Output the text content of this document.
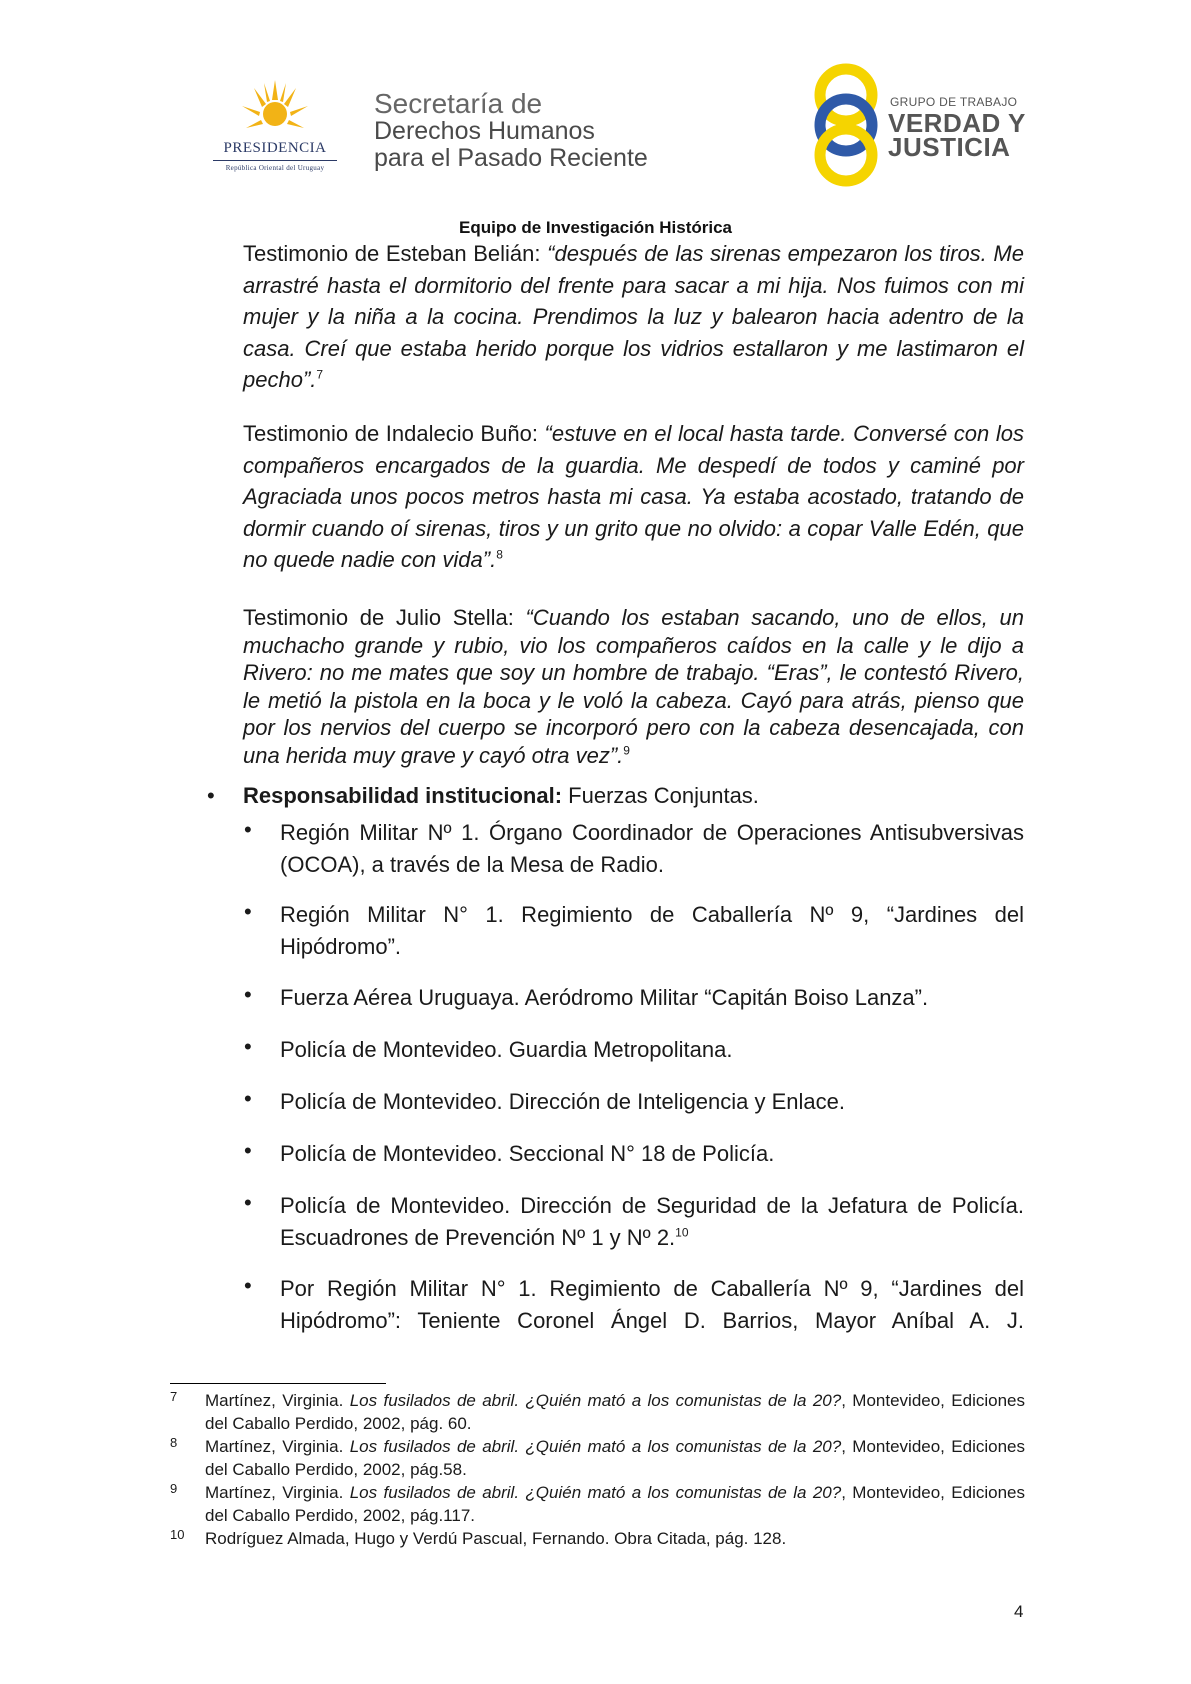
PRESIDENCIA
República Oriental del Uruguay
Secretaría de
Derechos Humanos
para el Pasado Reciente
GRUPO DE TRABAJO
VERDAD Y
JUSTICIA
Equipo de Investigación Histórica

Testimonio de Esteban Belián: “después de las sirenas empezaron los tiros. Me arrastré hasta el dormitorio del frente para sacar a mi hija. Nos fuimos con mi mujer y la niña a la cocina. Prendimos la luz y balearon hacia adentro de la casa. Creí que estaba herido porque los vidrios estallaron y me lastimaron el pecho”.$^7$

Testimonio de Indalecio Buño: “estuve en el local hasta tarde. Conversé con los compañeros encargados de la guardia. Me despedí de todos y caminé por Agraciada unos pocos metros hasta mi casa. Ya estaba acostado, tratando de dormir cuando oí sirenas, tiros y un grito que no olvido: a copar Valle Edén, que no quede nadie con vida”.$^8$

Testimonio de Julio Stella: “Cuando los estaban sacando, uno de ellos, un muchacho grande y rubio, vio los compañeros caídos en la calle y le dijo a Rivero: no me mates que soy un hombre de trabajo. “Eras”, le contestó Rivero, le metió la pistola en la boca y le voló la cabeza. Cayó para atrás, pienso que por los nervios del cuerpo se incorporó pero con la cabeza desencajada, con una herida muy grave y cayó otra vez”.$^9$

• Responsabilidad institucional: Fuerzas Conjuntas.
• Región Militar Nº 1. Órgano Coordinador de Operaciones Antisubversivas (OCOA), a través de la Mesa de Radio.

• Región Militar N° 1. Regimiento de Caballería Nº 9, “Jardines del Hipódromo”.

• Fuerza Aérea Uruguaya. Aeródromo Militar “Capitán Boiso Lanza”.

• Policía de Montevideo. Guardia Metropolitana.

• Policía de Montevideo. Dirección de Inteligencia y Enlace.

• Policía de Montevideo. Seccional N° 18 de Policía.

• Policía de Montevideo. Dirección de Seguridad de la Jefatura de Policía. Escuadrones de Prevención Nº 1 y Nº 2.10

• Por Región Militar N° 1. Regimiento de Caballería Nº 9, “Jardines del Hipódromo”: Teniente Coronel Ángel D. Barrios, Mayor Aníbal A. J.

7 Martínez, Virginia. Los fusilados de abril. ¿Quién mató a los comunistas de la 20?, Montevideo, Ediciones del Caballo Perdido, 2002, pág. 60.

8 Martínez, Virginia. Los fusilados de abril. ¿Quién mató a los comunistas de la 20?, Montevideo, Ediciones del Caballo Perdido, 2002, pág.58.

9 Martínez, Virginia. Los fusilados de abril. ¿Quién mató a los comunistas de la 20?, Montevideo, Ediciones del Caballo Perdido, 2002, pág.117.

10 Rodríguez Almada, Hugo y Verdú Pascual, Fernando. Obra Citada, pág. 128.

4
